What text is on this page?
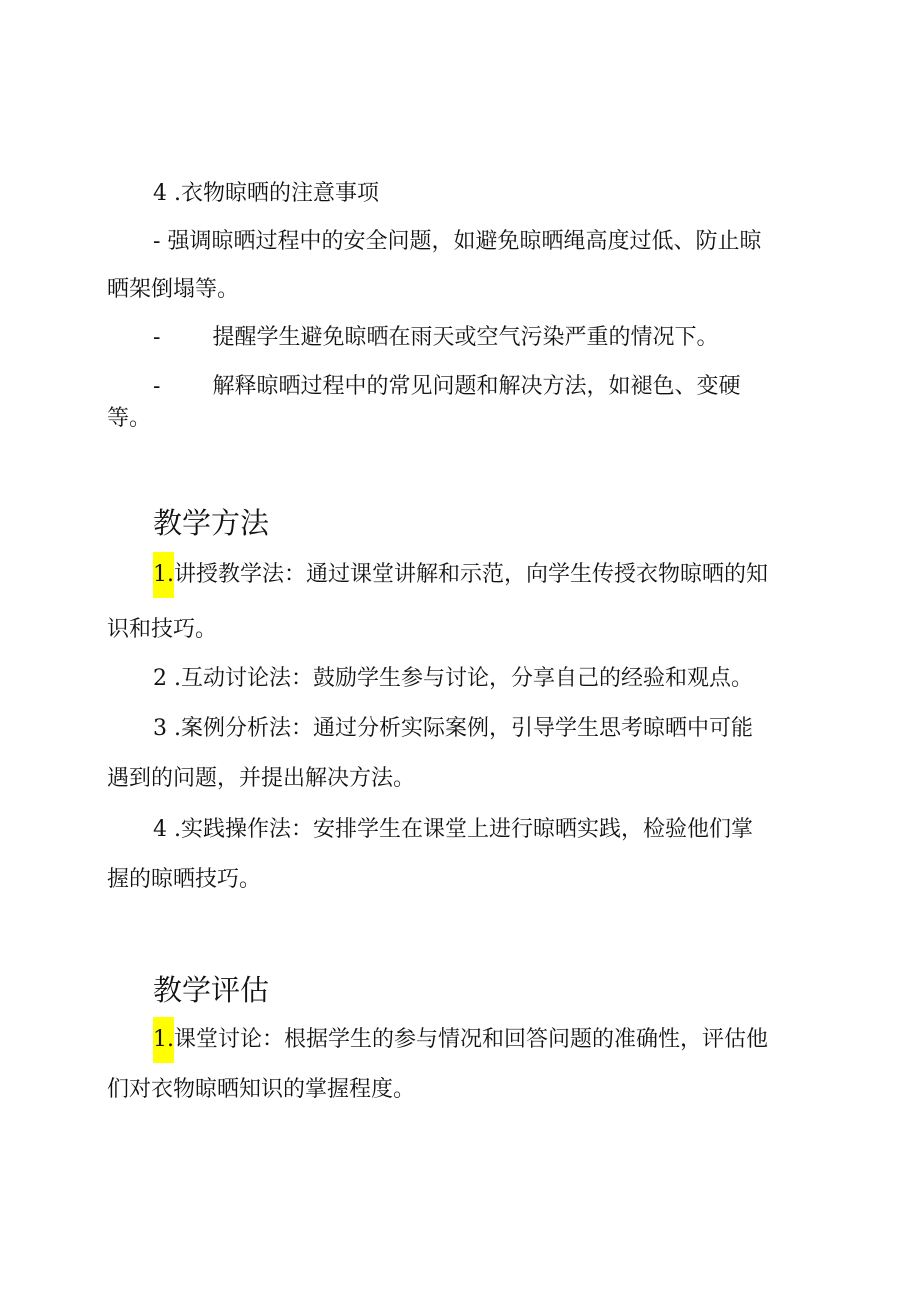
4 .衣物晾晒的注意事项
- 强调晾晒过程中的安全问题，如避免晾晒绳高度过低、防止晾
晒架倒塌等。
- 提醒学生避免晾晒在雨天或空气污染严重的情况下。
- 解释晾晒过程中的常见问题和解决方法，如褪色、变硬
等。
教学方法
1.讲授教学法：通过课堂讲解和示范，向学生传授衣物晾晒的知
识和技巧。
2 .互动讨论法：鼓励学生参与讨论，分享自己的经验和观点。
3 .案例分析法：通过分析实际案例，引导学生思考晾晒中可能
遇到的问题，并提出解决方法。
4 .实践操作法：安排学生在课堂上进行晾晒实践，检验他们掌
握的晾晒技巧。
教学评估
1.课堂讨论：根据学生的参与情况和回答问题的准确性，评估他
们对衣物晾晒知识的掌握程度。
